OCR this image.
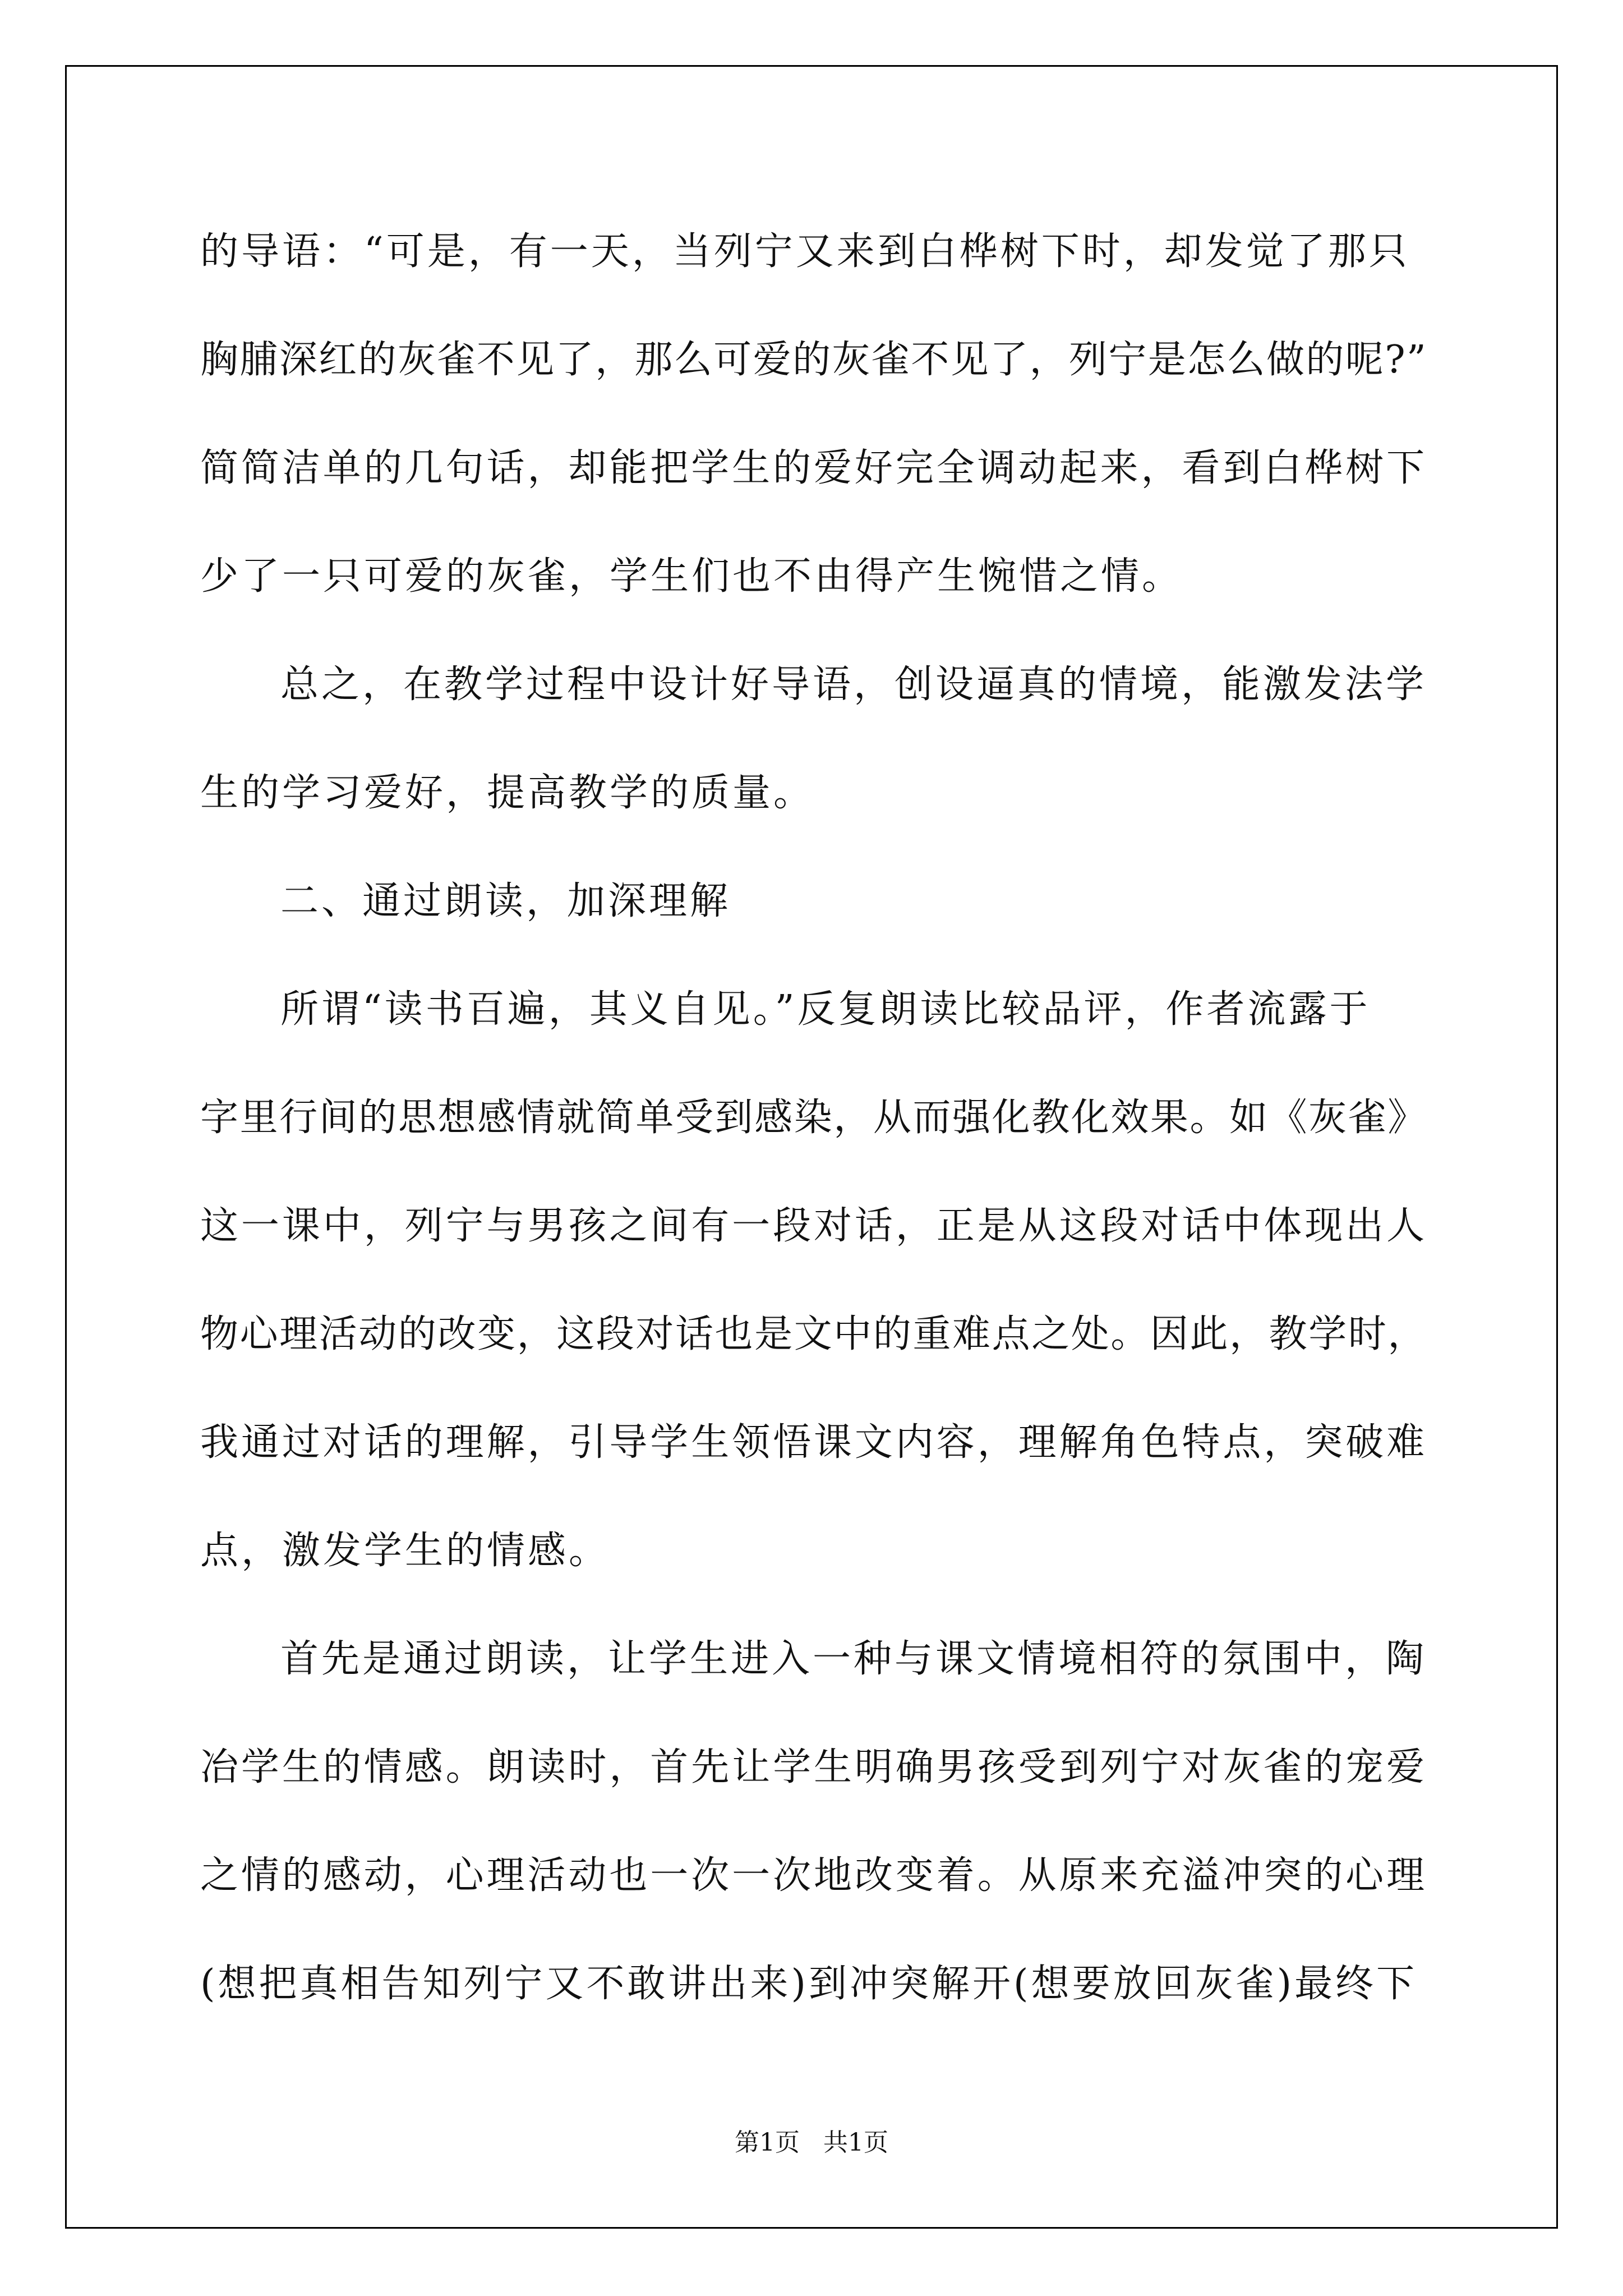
的导语：“可是，有一天，当列宁又来到白桦树下时，却发觉了那只

胸脯深红的灰雀不见了，那么可爱的灰雀不见了，列宁是怎么做的呢?”

简简洁单的几句话，却能把学生的爱好完全调动起来，看到白桦树下

少了一只可爱的灰雀，学生们也不由得产生惋惜之情。

总之，在教学过程中设计好导语，创设逼真的情境，能激发法学

生的学习爱好，提高教学的质量。

二、通过朗读，加深理解

所谓“读书百遍，其义自见。”反复朗读比较品评，作者流露于

字里行间的思想感情就简单受到感染，从而强化教化效果。如《灰雀》

这一课中，列宁与男孩之间有一段对话，正是从这段对话中体现出人

物心理活动的改变，这段对话也是文中的重难点之处。因此，教学时，

我通过对话的理解，引导学生领悟课文内容，理解角色特点，突破难

点，激发学生的情感。

首先是通过朗读，让学生进入一种与课文情境相符的氛围中，陶

冶学生的情感。朗读时，首先让学生明确男孩受到列宁对灰雀的宠爱

之情的感动，心理活动也一次一次地改变着。从原来充溢冲突的心理

(想把真相告知列宁又不敢讲出来)到冲突解开(想要放回灰雀)最终下

第1页   共1页
